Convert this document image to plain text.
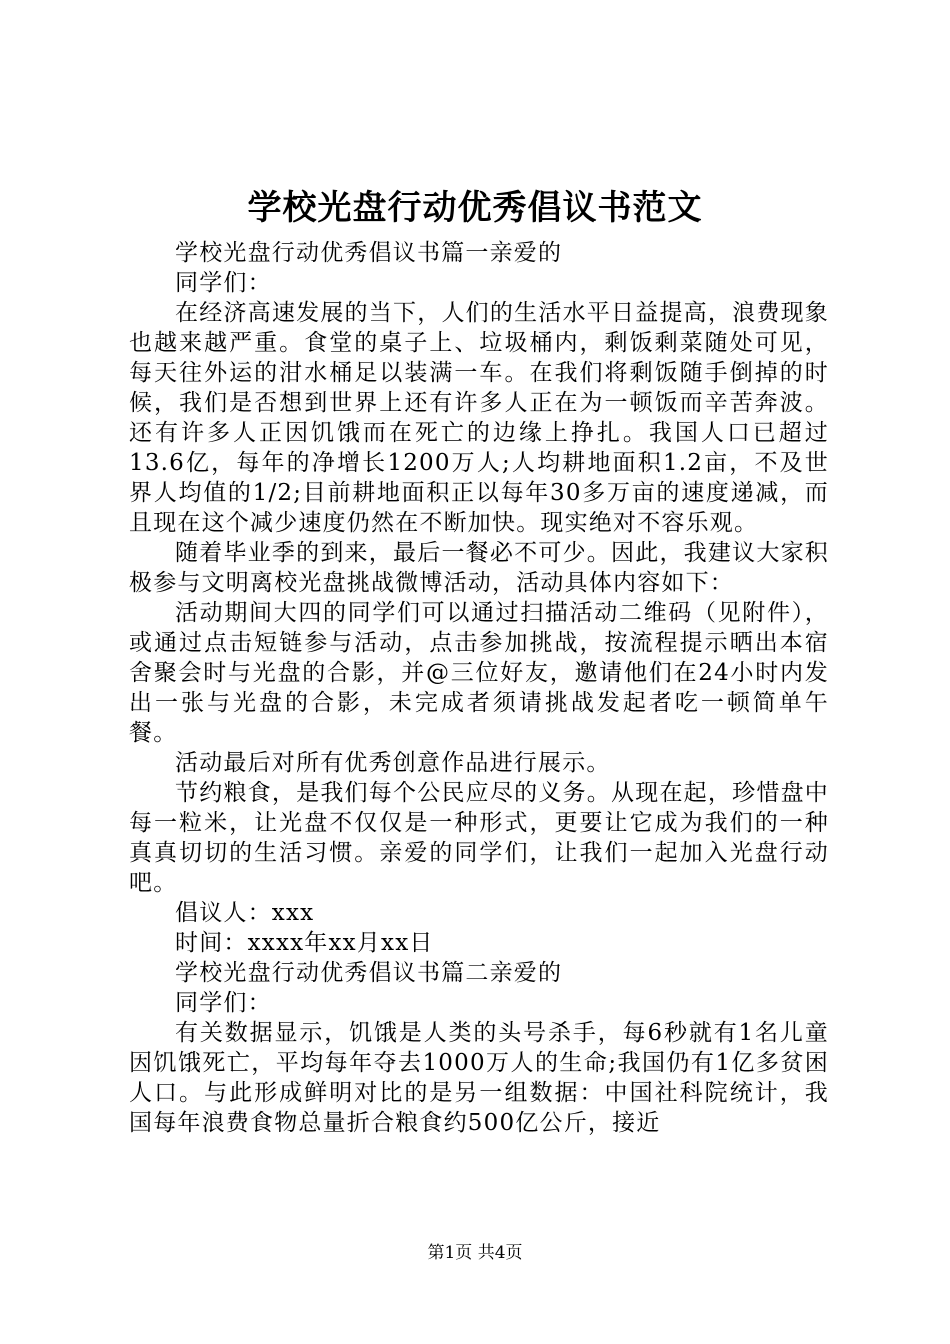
学校光盘行动优秀倡议书范文

学校光盘行动优秀倡议书篇一亲爱的

同学们：

在经济高速发展的当下，人们的生活水平日益提高，浪费现象也越来越严重。食堂的桌子上、垃圾桶内，剩饭剩菜随处可见，每天往外运的泔水桶足以装满一车。在我们将剩饭随手倒掉的时候，我们是否想到世界上还有许多人正在为一顿饭而辛苦奔波。还有许多人正因饥饿而在死亡的边缘上挣扎。我国人口已超过13.6亿，每年的净增长1200万人;人均耕地面积1.2亩，不及世界人均值的1/2;目前耕地面积正以每年30多万亩的速度递减，而且现在这个减少速度仍然在不断加快。现实绝对不容乐观。

随着毕业季的到来，最后一餐必不可少。因此，我建议大家积极参与文明离校光盘挑战微博活动，活动具体内容如下：

活动期间大四的同学们可以通过扫描活动二维码（见附件），或通过点击短链参与活动，点击参加挑战，按流程提示晒出本宿舍聚会时与光盘的合影，并@三位好友，邀请他们在24小时内发出一张与光盘的合影，未完成者须请挑战发起者吃一顿简单午餐。

活动最后对所有优秀创意作品进行展示。

节约粮食，是我们每个公民应尽的义务。从现在起，珍惜盘中每一粒米，让光盘不仅仅是一种形式，更要让它成为我们的一种真真切切的生活习惯。亲爱的同学们，让我们一起加入光盘行动吧。

倡议人：xxx

时间：xxxx年xx月xx日

学校光盘行动优秀倡议书篇二亲爱的

同学们：

有关数据显示，饥饿是人类的头号杀手，每6秒就有1名儿童因饥饿死亡，平均每年夺去1000万人的生命;我国仍有1亿多贫困人口。与此形成鲜明对比的是另一组数据：中国社科院统计，我国每年浪费食物总量折合粮食约500亿公斤，接近

第1页 共4页
